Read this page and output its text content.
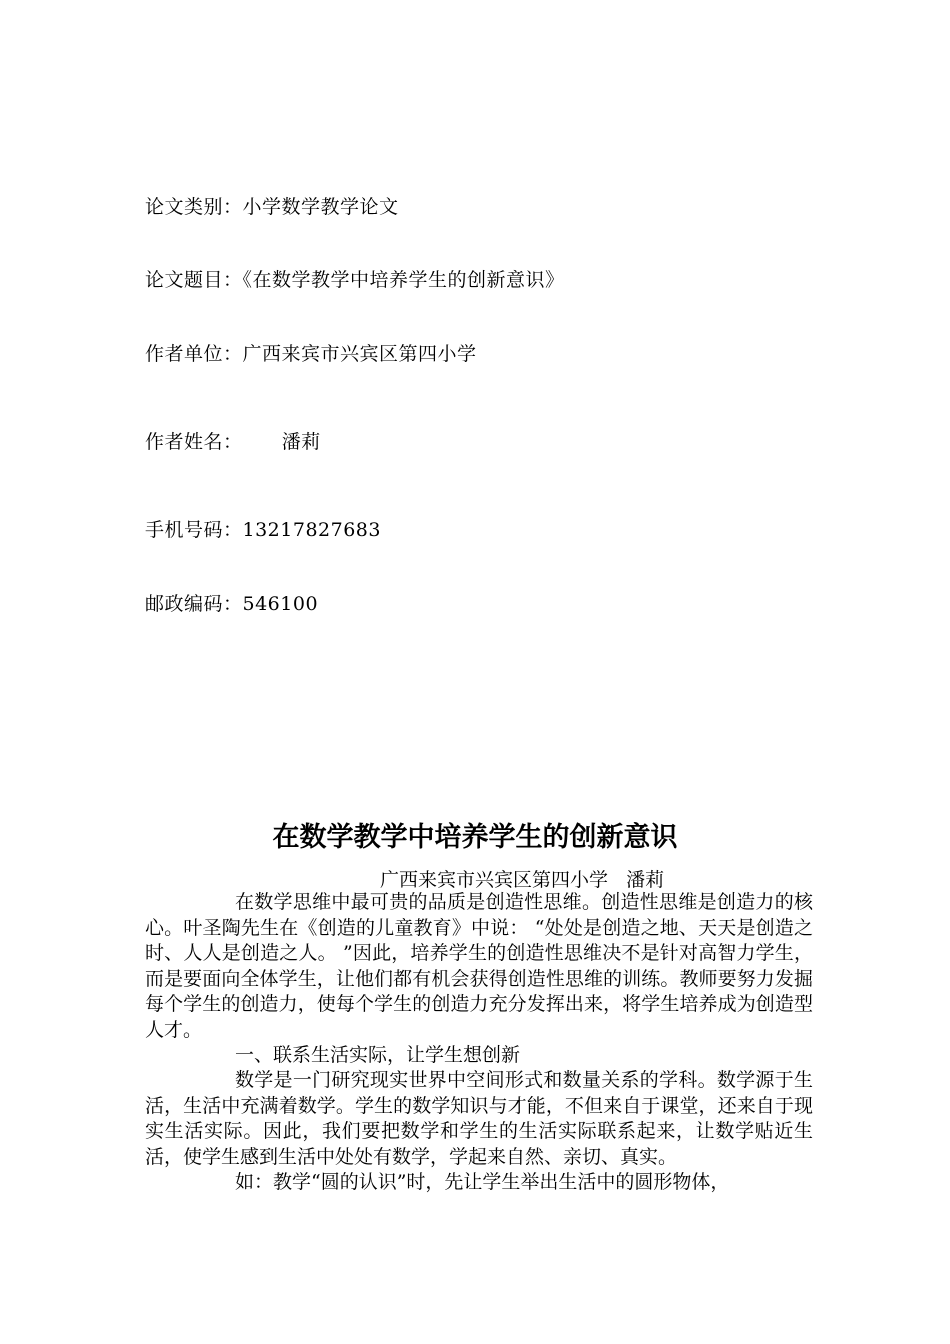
论文类别：小学数学教学论文
论文题目：《在数学教学中培养学生的创新意识》
作者单位：广西来宾市兴宾区第四小学
作者姓名：      潘莉
手机号码：13217827683
邮政编码：546100
在数学教学中培养学生的创新意识
广西来宾市兴宾区第四小学   潘莉

在数学思维中最可贵的品质是创造性思维。创造性思维是创造力的核心。叶圣陶先生在《创造的儿童教育》中说： “处处是创造之地、天天是创造之时、人人是创造之人。 ”因此，培养学生的创造性思维决不是针对高智力学生，而是要面向全体学生，让他们都有机会获得创造性思维的训练。教师要努力发掘每个学生的创造力，使每个学生的创造力充分发挥出来，将学生培养成为创造型人才。

一、联系生活实际，让学生想创新

数学是一门研究现实世界中空间形式和数量关系的学科。数学源于生活，生活中充满着数学。学生的数学知识与才能，不但来自于课堂，还来自于现实生活实际。因此，我们要把数学和学生的生活实际联系起来，让数学贴近生活，使学生感到生活中处处有数学，学起来自然、亲切、真实。

如：教学“圆的认识”时，先让学生举出生活中的圆形物体，
